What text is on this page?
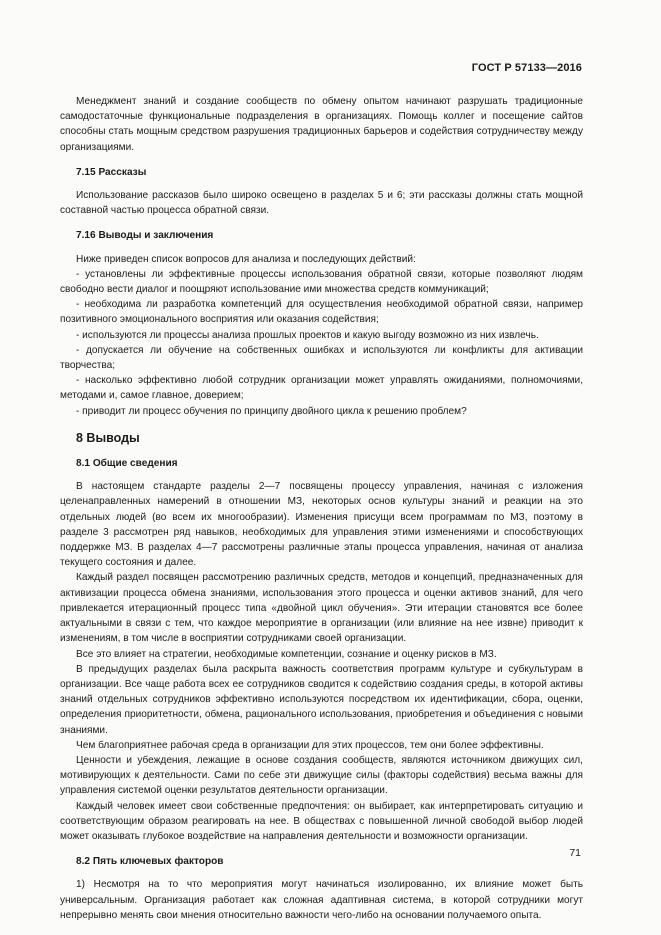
ГОСТ Р 57133—2016

Менеджмент знаний и создание сообществ по обмену опытом начинают разрушать традиционные самодостаточные функциональные подразделения в организациях. Помощь коллег и посещение сайтов способны стать мощным средством разрушения традиционных барьеров и содействия сотрудничеству между организациями.

7.15 Рассказы

Использование рассказов было широко освещено в разделах 5 и 6; эти рассказы должны стать мощной составной частью процесса обратной связи.

7.16 Выводы и заключения

Ниже приведен список вопросов для анализа и последующих действий:

- установлены ли эффективные процессы использования обратной связи, которые позволяют людям свободно вести диалог и поощряют использование ими множества средств коммуникаций;

- необходима ли разработка компетенций для осуществления необходимой обратной связи, например позитивного эмоционального восприятия или оказания содействия;

- используются ли процессы анализа прошлых проектов и какую выгоду возможно из них извлечь.

- допускается ли обучение на собственных ошибках и используются ли конфликты для активации творчества;

- насколько эффективно любой сотрудник организации может управлять ожиданиями, полномочиями, методами и, самое главное, доверием;

- приводит ли процесс обучения по принципу двойного цикла к решению проблем?

8 Выводы
8.1 Общие сведения

В настоящем стандарте разделы 2—7 посвящены процессу управления, начиная с изложения целенаправленных намерений в отношении МЗ, некоторых основ культуры знаний и реакции на это отдельных людей (во всем их многообразии). Изменения присущи всем программам по МЗ, поэтому в разделе 3 рассмотрен ряд навыков, необходимых для управления этими изменениями и способствующих поддержке МЗ. В разделах 4—7 рассмотрены различные этапы процесса управления, начиная от анализа текущего состояния и далее.

Каждый раздел посвящен рассмотрению различных средств, методов и концепций, предназначенных для активизации процесса обмена знаниями, использования этого процесса и оценки активов знаний, для чего привлекается итерационный процесс типа «двойной цикл обучения». Эти итерации становятся все более актуальными в связи с тем, что каждое мероприятие в организации (или влияние на нее извне) приводит к изменениям, в том числе в восприятии сотрудниками своей организации.

Все это влияет на стратегии, необходимые компетенции, сознание и оценку рисков в МЗ.

В предыдущих разделах была раскрыта важность соответствия программ культуре и субкультурам в организации. Все чаще работа всех ее сотрудников сводится к содействию создания среды, в которой активы знаний отдельных сотрудников эффективно используются посредством их идентификации, сбора, оценки, определения приоритетности, обмена, рационального использования, приобретения и объединения с новыми знаниями.

Чем благоприятнее рабочая среда в организации для этих процессов, тем они более эффективны.

Ценности и убеждения, лежащие в основе создания сообществ, являются источником движущих сил, мотивирующих к деятельности. Сами по себе эти движущие силы (факторы содействия) весьма важны для управления системой оценки результатов деятельности организации.

Каждый человек имеет свои собственные предпочтения: он выбирает, как интерпретировать ситуацию и соответствующим образом реагировать на нее. В обществах с повышенной личной свободой выбор людей может оказывать глубокое воздействие на направления деятельности и возможности организации.

8.2 Пять ключевых факторов

1) Несмотря на то что мероприятия могут начинаться изолированно, их влияние может быть универсальным. Организация работает как сложная адаптивная система, в которой сотрудники могут непрерывно менять свои мнения относительно важности чего-либо на основании получаемого опыта.

71
